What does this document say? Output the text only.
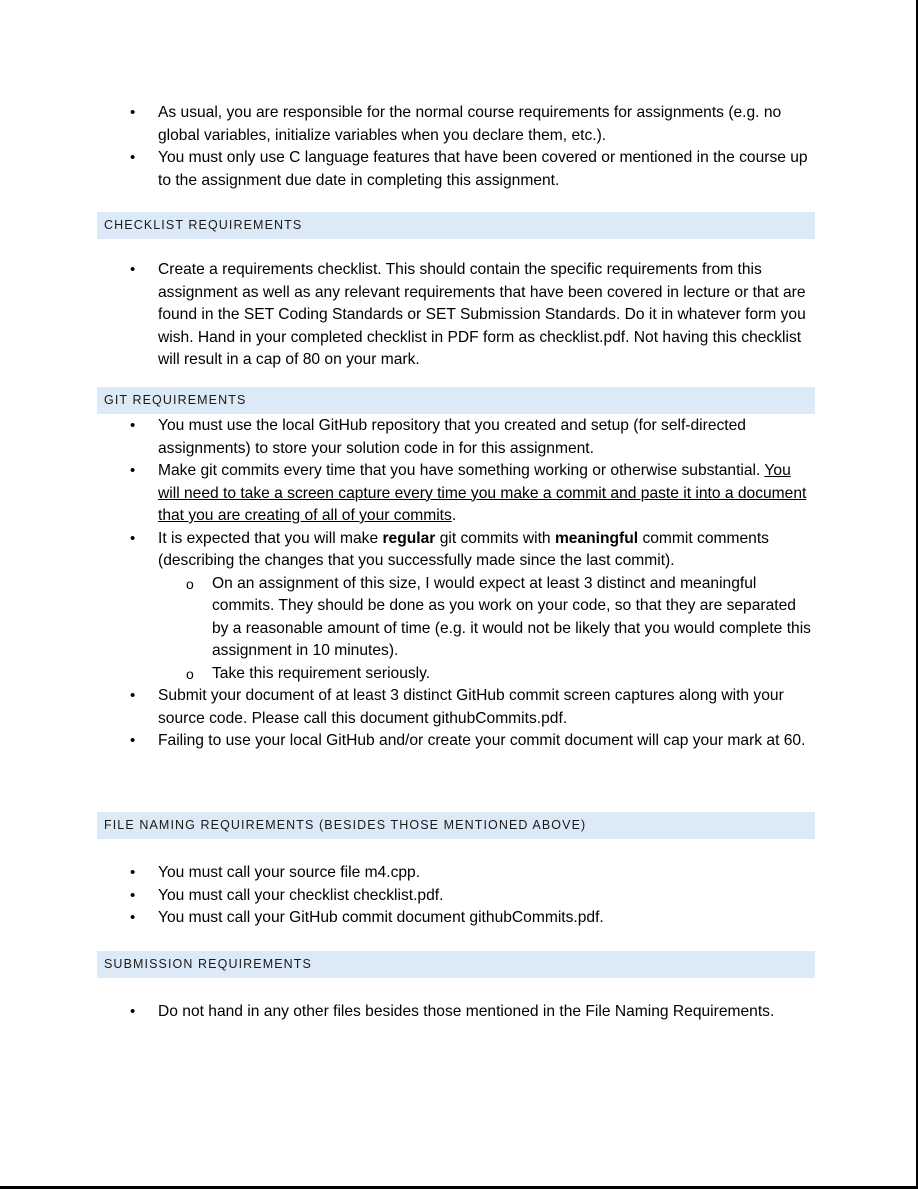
• As usual, you are responsible for the normal course requirements for assignments (e.g. no global variables, initialize variables when you declare them, etc.).
• You must only use C language features that have been covered or mentioned in the course up to the assignment due date in completing this assignment.
CHECKLIST REQUIREMENTS
• Create a requirements checklist. This should contain the specific requirements from this assignment as well as any relevant requirements that have been covered in lecture or that are found in the SET Coding Standards or SET Submission Standards. Do it in whatever form you wish. Hand in your completed checklist in PDF form as checklist.pdf. Not having this checklist will result in a cap of 80 on your mark.
GIT REQUIREMENTS
• You must use the local GitHub repository that you created and setup (for self-directed assignments) to store your solution code in for this assignment.
• Make git commits every time that you have something working or otherwise substantial. You will need to take a screen capture every time you make a commit and paste it into a document that you are creating of all of your commits.
• It is expected that you will make regular git commits with meaningful commit comments (describing the changes that you successfully made since the last commit).
o On an assignment of this size, I would expect at least 3 distinct and meaningful commits. They should be done as you work on your code, so that they are separated by a reasonable amount of time (e.g. it would not be likely that you would complete this assignment in 10 minutes).
o Take this requirement seriously.
• Submit your document of at least 3 distinct GitHub commit screen captures along with your source code. Please call this document githubCommits.pdf.
• Failing to use your local GitHub and/or create your commit document will cap your mark at 60.
FILE NAMING REQUIREMENTS (BESIDES THOSE MENTIONED ABOVE)
• You must call your source file m4.cpp.
• You must call your checklist checklist.pdf.
• You must call your GitHub commit document githubCommits.pdf.
SUBMISSION REQUIREMENTS
• Do not hand in any other files besides those mentioned in the File Naming Requirements.
